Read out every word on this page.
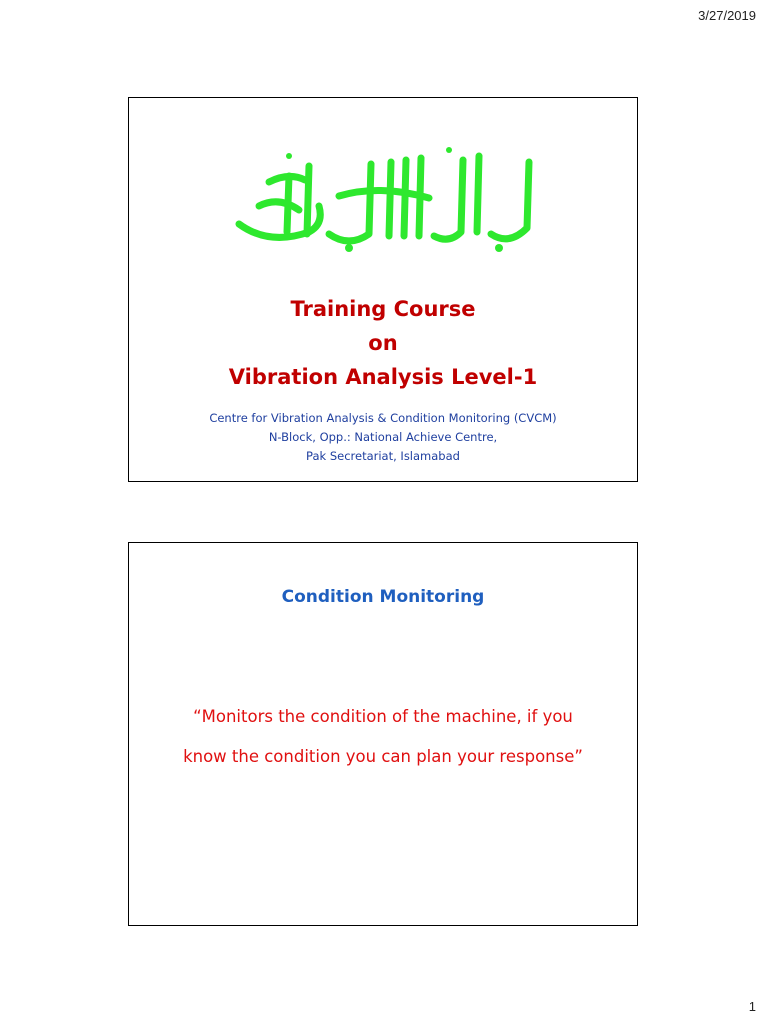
3/27/2019
Training Course
on
Vibration Analysis Level-1
Centre for Vibration Analysis & Condition Monitoring (CVCM)
N-Block, Opp.: National Achieve Centre,
Pak Secretariat, Islamabad
Condition Monitoring
“Monitors the condition of the machine, if you
know the condition you can plan your response”
1
